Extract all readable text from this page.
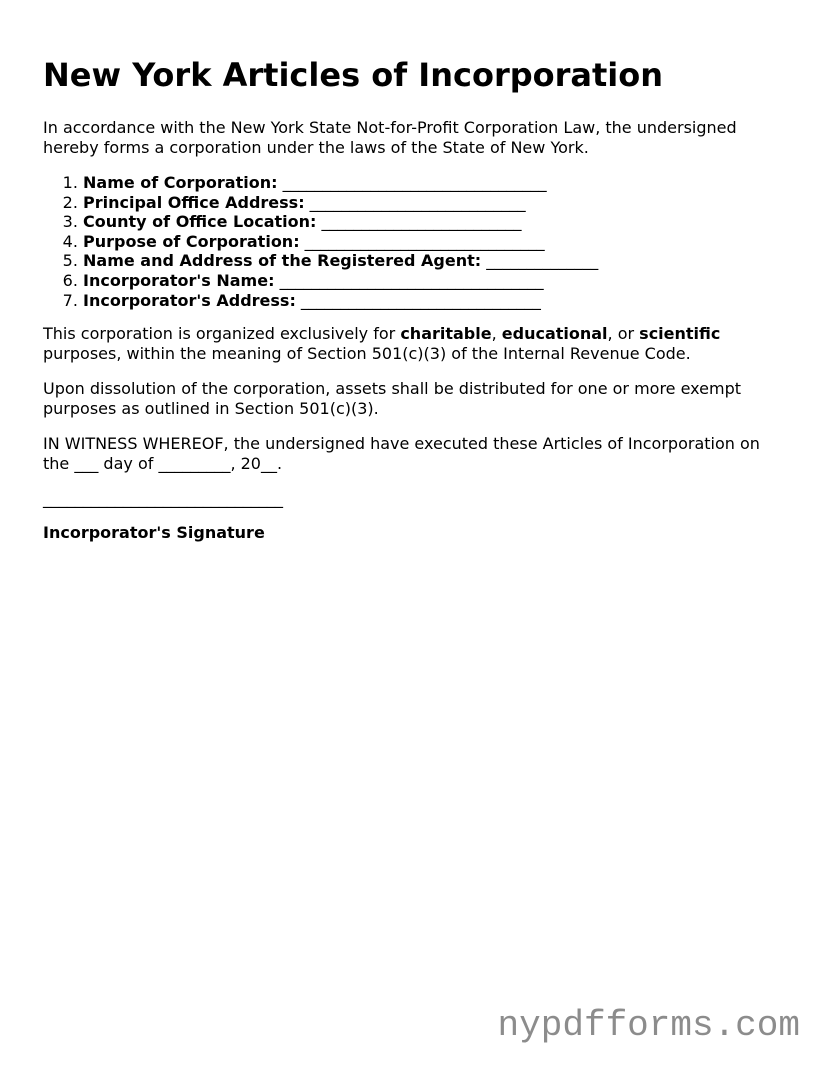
New York Articles of Incorporation

In accordance with the New York State Not-for-Profit Corporation Law, the undersigned hereby forms a corporation under the laws of the State of New York.

1. Name of Corporation: _________________________________
2. Principal Office Address: ___________________________
3. County of Office Location: _________________________
4. Purpose of Corporation: ______________________________
5. Name and Address of the Registered Agent: ______________
6. Incorporator's Name: _________________________________
7. Incorporator's Address: ______________________________

This corporation is organized exclusively for charitable, educational, or scientific purposes, within the meaning of Section 501(c)(3) of the Internal Revenue Code.

Upon dissolution of the corporation, assets shall be distributed for one or more exempt purposes as outlined in Section 501(c)(3).

IN WITNESS WHEREOF, the undersigned have executed these Articles of Incorporation on the ___ day of _________, 20__.

______________________________
Incorporator's Signature
nypdfforms.com
